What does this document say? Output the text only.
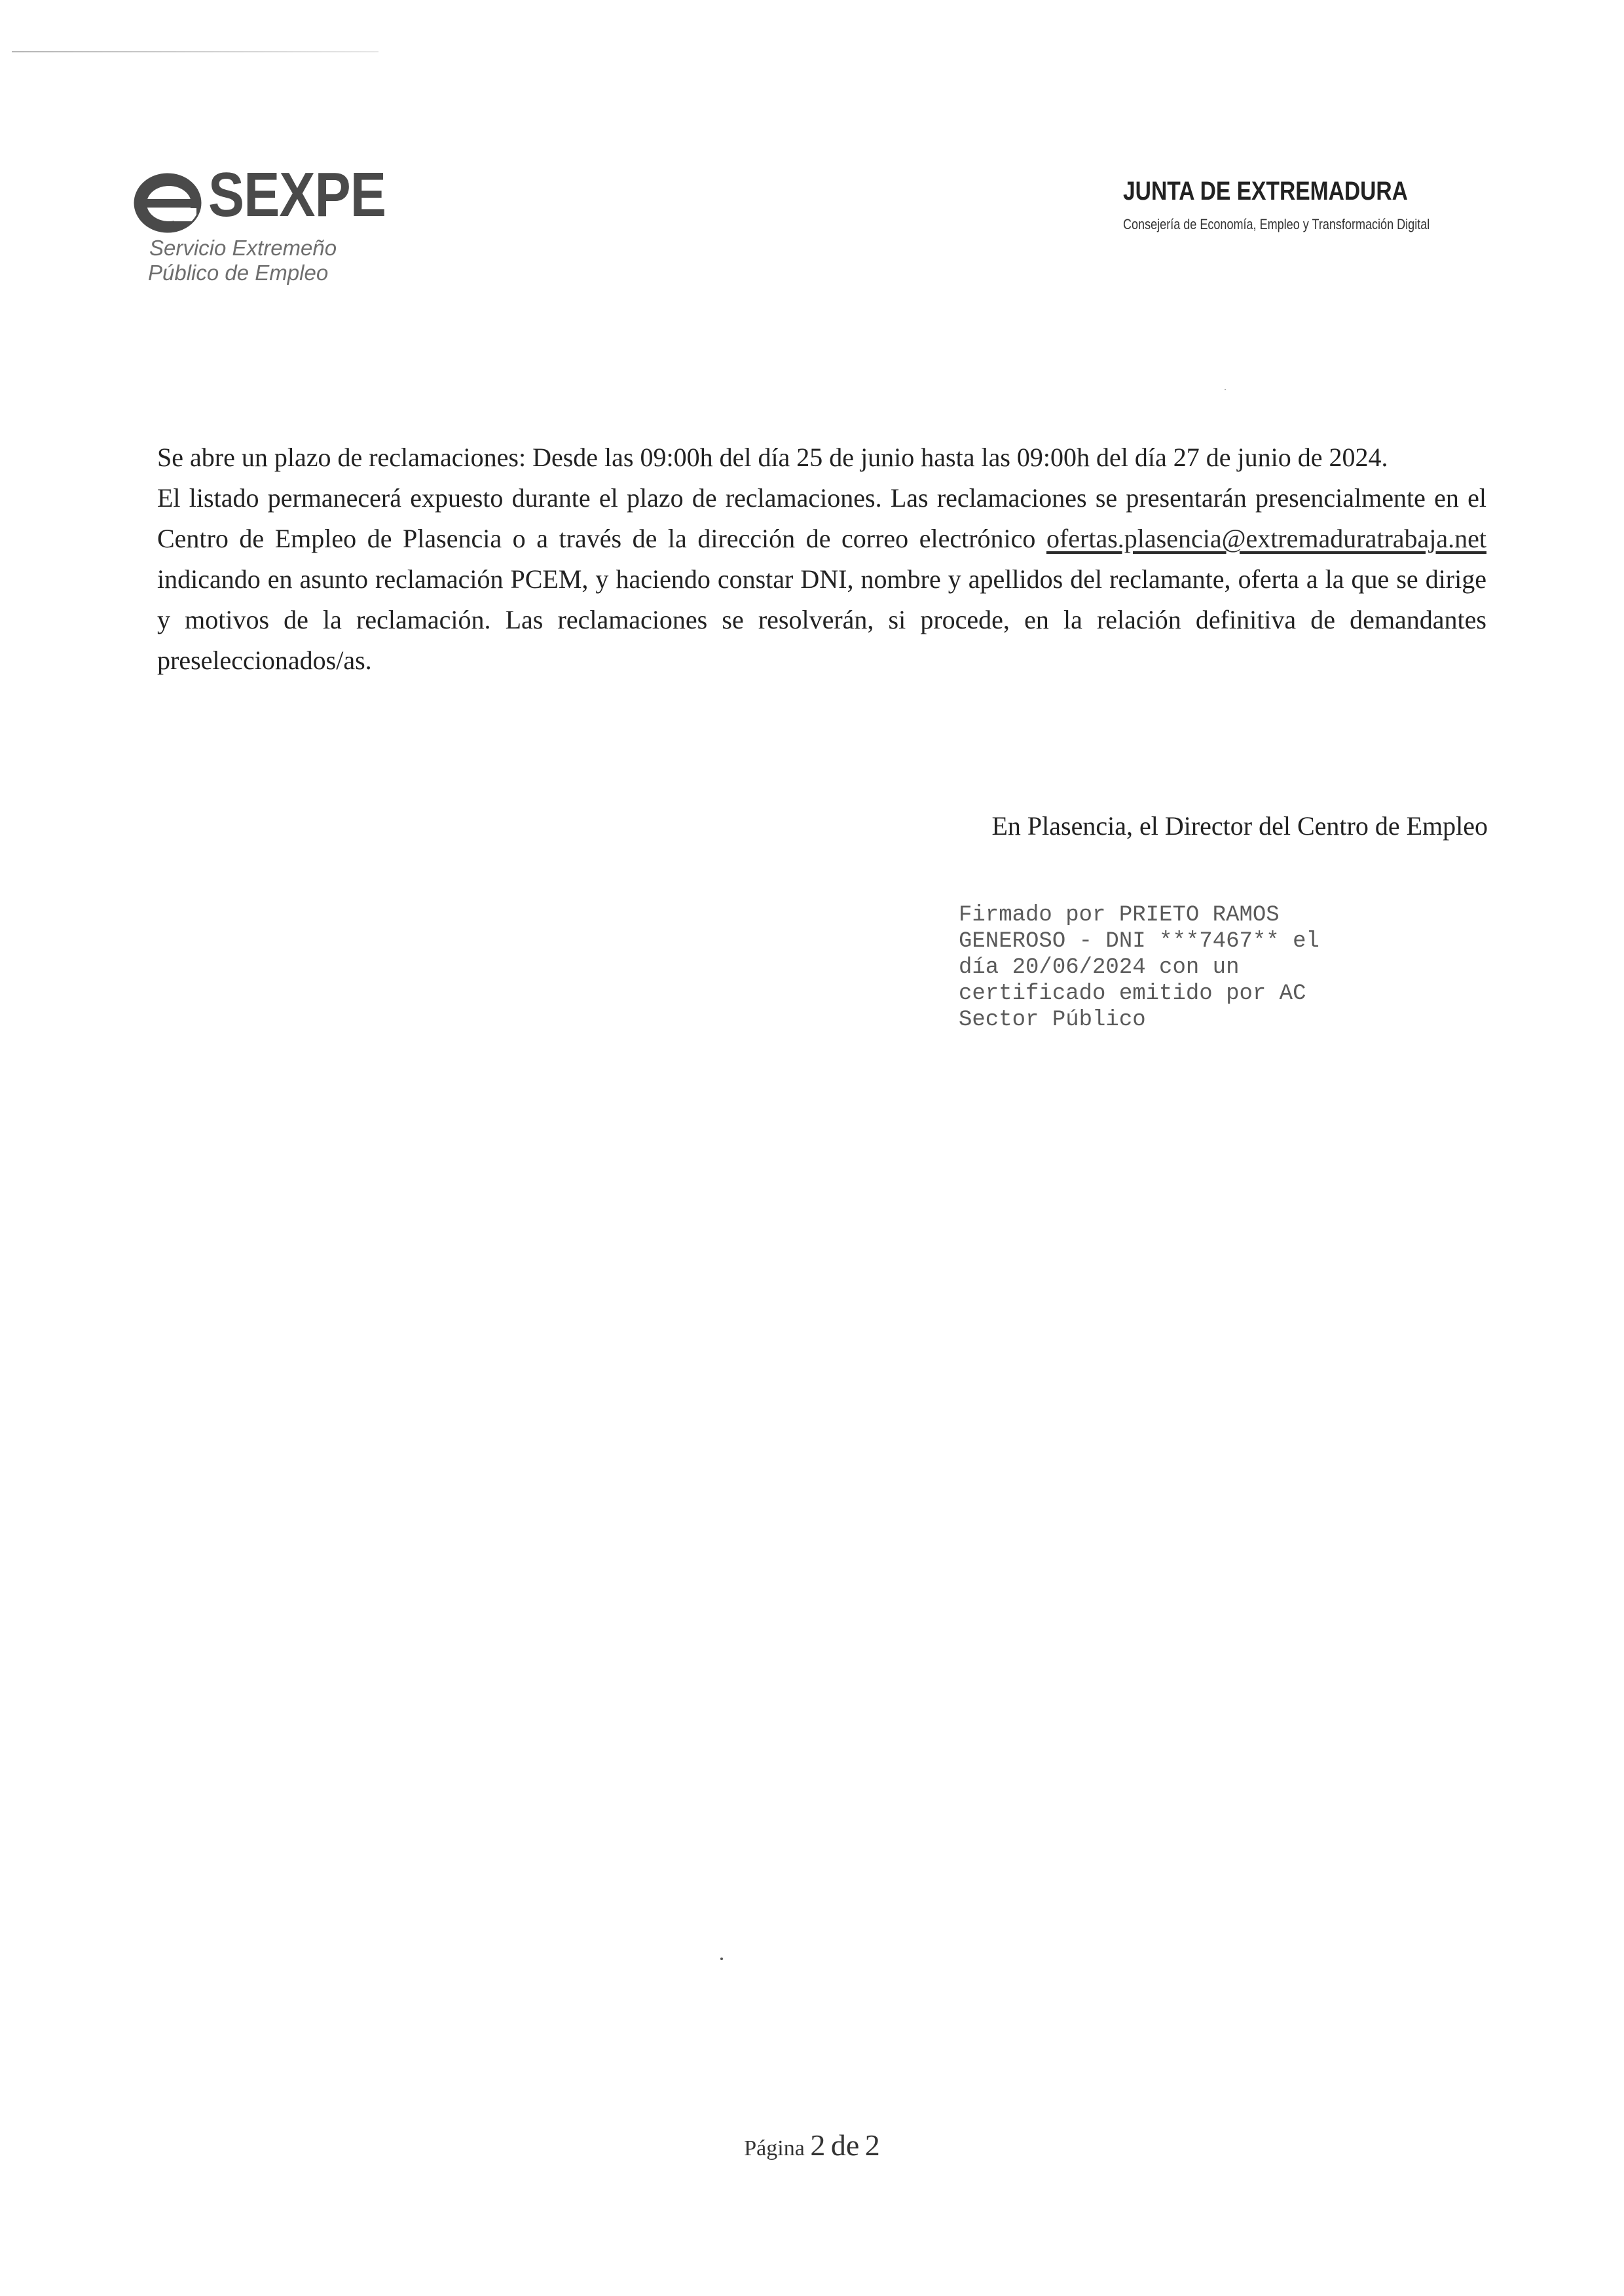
SEXPE
Servicio Extremeño
Público de Empleo
JUNTA DE EXTREMADURA
Consejería de Economía, Empleo y Transformación Digital

Se abre un plazo de reclamaciones: Desde las 09:00h del día 25 de junio hasta las 09:00h del día 27 de junio de 2024.

El listado permanecerá expuesto durante el plazo de reclamaciones. Las reclamaciones se presentarán presencialmente en el Centro de Empleo de Plasencia o a través de la dirección de correo electrónico ofertas.plasencia@extremaduratrabaja.net indicando en asunto reclamación PCEM, y haciendo constar DNI, nombre y apellidos del reclamante, oferta a la que se dirige y motivos de la reclamación. Las reclamaciones se resolverán, si procede, en la relación definitiva de demandantes preseleccionados/as.

En Plasencia, el Director del Centro de Empleo
Firmado por PRIETO RAMOS
GENEROSO - DNI ***7467** el
día 20/06/2024 con un
certificado emitido por AC
Sector Público
Página 2 de 2
